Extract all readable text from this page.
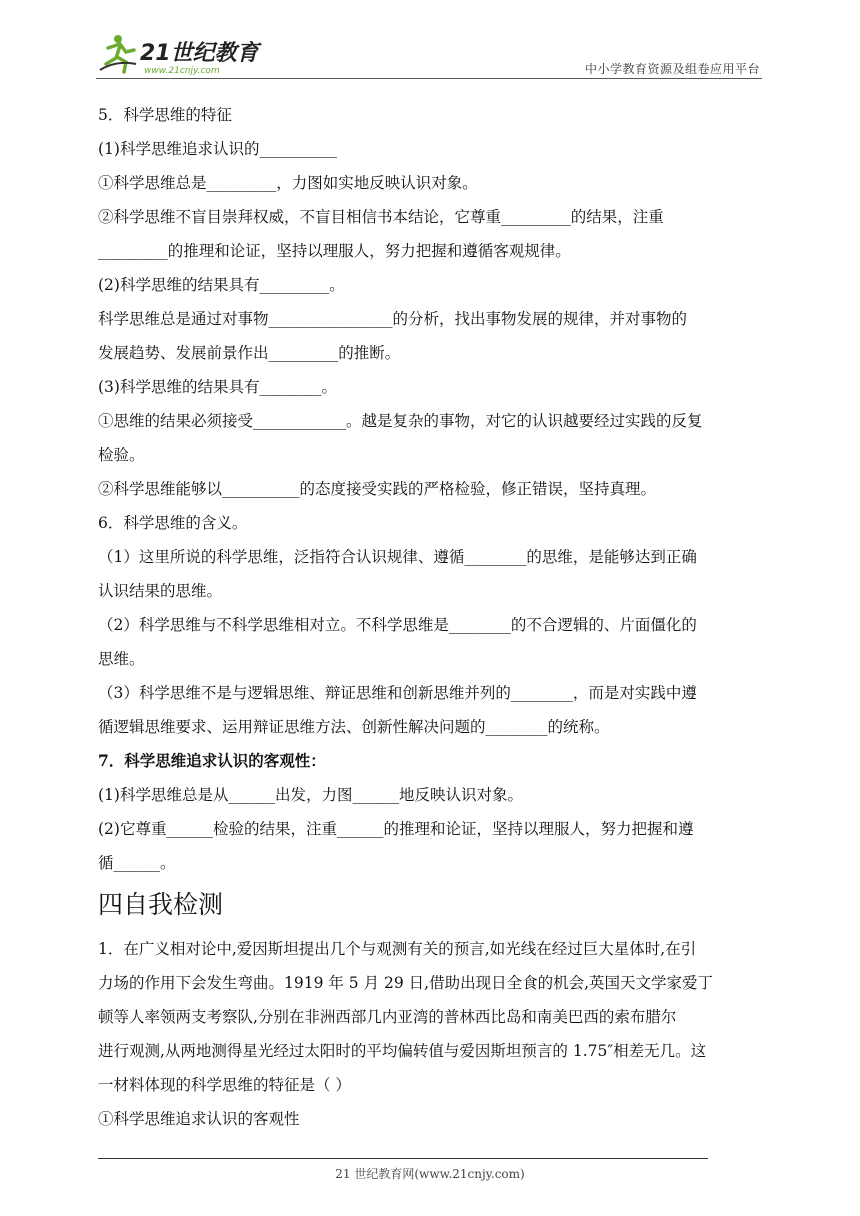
21世纪教育
www.21cnjy.com	中小学教育资源及组卷应用平台
5．科学思维的特征
(1)科学思维追求认识的__________
①科学思维总是_________，力图如实地反映认识对象。
②科学思维不盲目崇拜权威，不盲目相信书本结论，它尊重_________的结果，注重
_________的推理和论证，坚持以理服人，努力把握和遵循客观规律。
(2)科学思维的结果具有_________。
科学思维总是通过对事物________________的分析，找出事物发展的规律，并对事物的
发展趋势、发展前景作出_________的推断。
(3)科学思维的结果具有________。
①思维的结果必须接受____________。越是复杂的事物，对它的认识越要经过实践的反复
检验。
②科学思维能够以__________的态度接受实践的严格检验，修正错误，坚持真理。
6．科学思维的含义。
（1）这里所说的科学思维，泛指符合认识规律、遵循________的思维，是能够达到正确
认识结果的思维。
（2）科学思维与不科学思维相对立。不科学思维是________的不合逻辑的、片面僵化的
思维。
（3）科学思维不是与逻辑思维、辩证思维和创新思维并列的________，而是对实践中遵
循逻辑思维要求、运用辩证思维方法、创新性解决问题的________的统称。
7．科学思维追求认识的客观性：
(1)科学思维总是从______出发，力图______地反映认识对象。
(2)它尊重______检验的结果，注重______的推理和论证，坚持以理服人，努力把握和遵
循______。
四自我检测
1．在广义相对论中,爱因斯坦提出几个与观测有关的预言,如光线在经过巨大星体时,在引
力场的作用下会发生弯曲。1919 年 5 月 29 日,借助出现日全食的机会,英国天文学家爱丁
顿等人率领两支考察队,分别在非洲西部几内亚湾的普林西比岛和南美巴西的索布腊尔
进行观测,从两地测得星光经过太阳时的平均偏转值与爱因斯坦预言的 1.75″相差无几。这
一材料体现的科学思维的特征是（ ）
①科学思维追求认识的客观性
21 世纪教育网(www.21cnjy.com)
